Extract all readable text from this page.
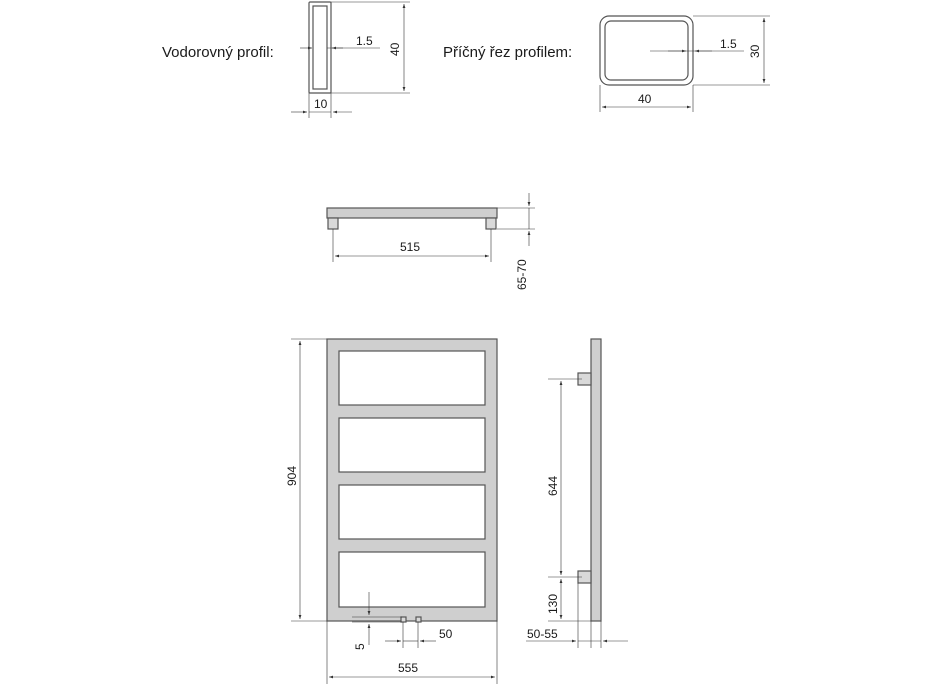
Vodorovný profil:	Příčný řez profilem:
1.5
40
10
1.5
30
40
515
65-70
904
555
5
50
644
130
50-55
